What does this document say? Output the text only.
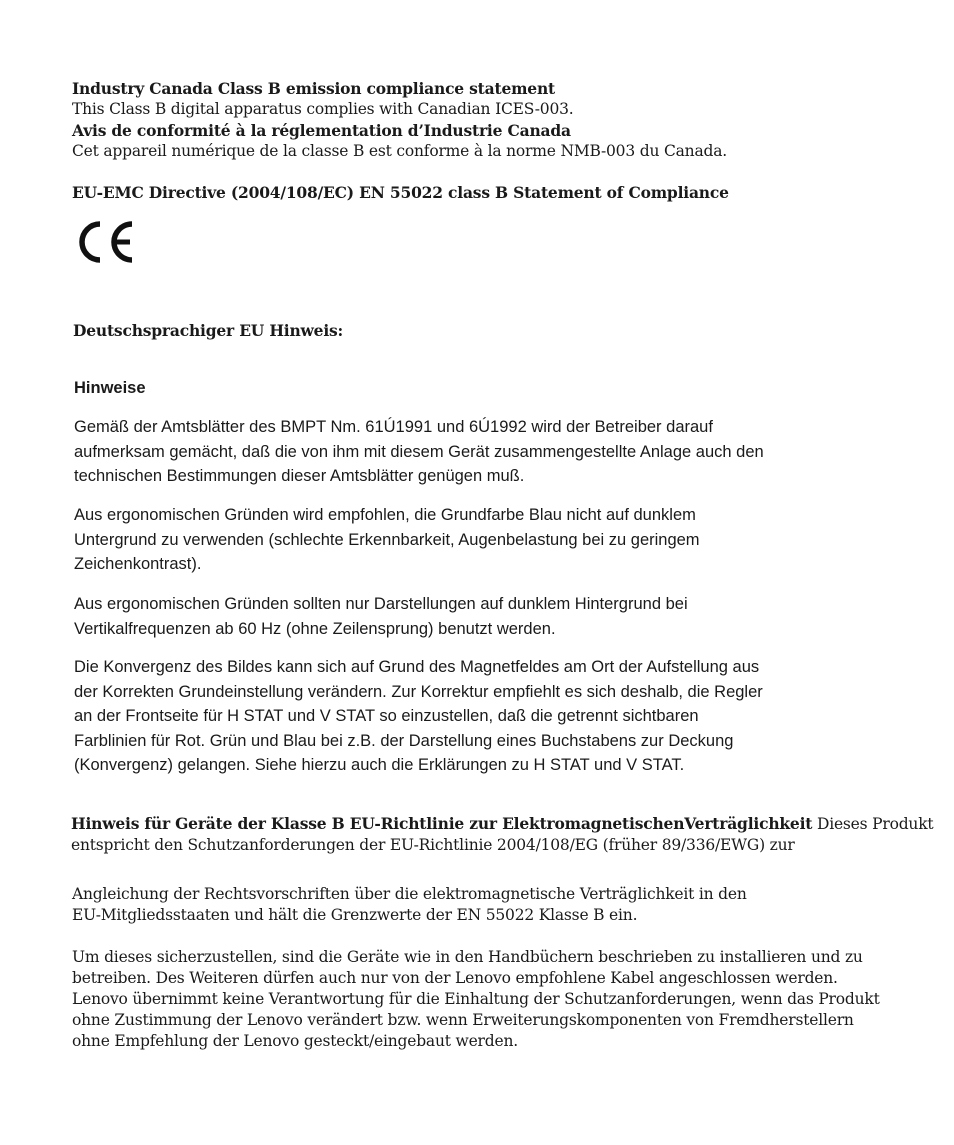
Industry Canada Class B emission compliance statement
This Class B digital apparatus complies with Canadian ICES-003.
Avis de conformité à la réglementation d’Industrie Canada
Cet appareil numérique de la classe B est conforme à la norme NMB-003 du Canada.
EU-EMC Directive (2004/108/EC) EN 55022 class B Statement of Compliance
Deutschsprachiger EU Hinweis:
Hinweise
Gemäß der Amtsblätter des BMPT Nm. 61Ú1991 und 6Ú1992 wird der Betreiber darauf
aufmerksam gemächt, daß die von ihm mit diesem Gerät zusammengestellte Anlage auch den
technischen Bestimmungen dieser Amtsblätter genügen muß.
Aus ergonomischen Gründen wird empfohlen, die Grundfarbe Blau nicht auf dunklem
Untergrund zu verwenden (schlechte Erkennbarkeit, Augenbelastung bei zu geringem
Zeichenkontrast).
Aus ergonomischen Gründen sollten nur Darstellungen auf dunklem Hintergrund bei
Vertikalfrequenzen ab 60 Hz (ohne Zeilensprung) benutzt werden.
Die Konvergenz des Bildes kann sich auf Grund des Magnetfeldes am Ort der Aufstellung aus
der Korrekten Grundeinstellung verändern. Zur Korrektur empfiehlt es sich deshalb, die Regler
an der Frontseite für H STAT und V STAT so einzustellen, daß die getrennt sichtbaren
Farblinien für Rot. Grün und Blau bei z.B. der Darstellung eines Buchstabens zur Deckung
(Konvergenz) gelangen. Siehe hierzu auch die Erklärungen zu H STAT und V STAT.
Hinweis für Geräte der Klasse B EU-Richtlinie zur ElektromagnetischenVerträglichkeit Dieses Produkt
entspricht den Schutzanforderungen der EU-Richtlinie 2004/108/EG (früher 89/336/EWG) zur
Angleichung der Rechtsvorschriften über die elektromagnetische Verträglichkeit in den
EU-Mitgliedsstaaten und hält die Grenzwerte der EN 55022 Klasse B ein.
Um dieses sicherzustellen, sind die Geräte wie in den Handbüchern beschrieben zu installieren und zu
betreiben. Des Weiteren dürfen auch nur von der Lenovo empfohlene Kabel angeschlossen werden.
Lenovo übernimmt keine Verantwortung für die Einhaltung der Schutzanforderungen, wenn das Produkt
ohne Zustimmung der Lenovo verändert bzw. wenn Erweiterungskomponenten von Fremdherstellern
ohne Empfehlung der Lenovo gesteckt/eingebaut werden.
